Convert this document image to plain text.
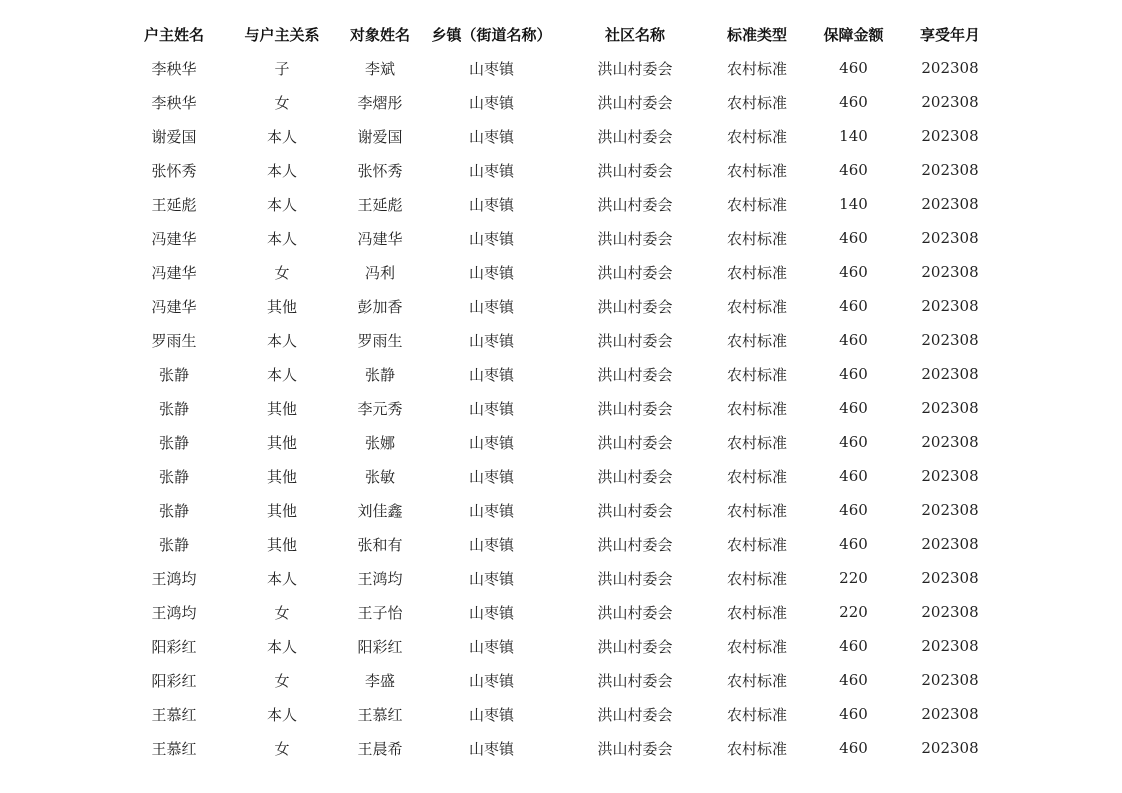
户主姓名	与户主关系	对象姓名	乡镇（街道名称）	社区名称	标准类型	保障金额	享受年月
李秧华	子	李斌	山枣镇	洪山村委会	农村标准	460	202308
李秧华	女	李熠彤	山枣镇	洪山村委会	农村标准	460	202308
谢爱国	本人	谢爱国	山枣镇	洪山村委会	农村标准	140	202308
张怀秀	本人	张怀秀	山枣镇	洪山村委会	农村标准	460	202308
王延彪	本人	王延彪	山枣镇	洪山村委会	农村标准	140	202308
冯建华	本人	冯建华	山枣镇	洪山村委会	农村标准	460	202308
冯建华	女	冯利	山枣镇	洪山村委会	农村标准	460	202308
冯建华	其他	彭加香	山枣镇	洪山村委会	农村标准	460	202308
罗雨生	本人	罗雨生	山枣镇	洪山村委会	农村标准	460	202308
张静	本人	张静	山枣镇	洪山村委会	农村标准	460	202308
张静	其他	李元秀	山枣镇	洪山村委会	农村标准	460	202308
张静	其他	张娜	山枣镇	洪山村委会	农村标准	460	202308
张静	其他	张敏	山枣镇	洪山村委会	农村标准	460	202308
张静	其他	刘佳鑫	山枣镇	洪山村委会	农村标准	460	202308
张静	其他	张和有	山枣镇	洪山村委会	农村标准	460	202308
王鸿均	本人	王鸿均	山枣镇	洪山村委会	农村标准	220	202308
王鸿均	女	王子怡	山枣镇	洪山村委会	农村标准	220	202308
阳彩红	本人	阳彩红	山枣镇	洪山村委会	农村标准	460	202308
阳彩红	女	李盛	山枣镇	洪山村委会	农村标准	460	202308
王慕红	本人	王慕红	山枣镇	洪山村委会	农村标准	460	202308
王慕红	女	王晨希	山枣镇	洪山村委会	农村标准	460	202308
